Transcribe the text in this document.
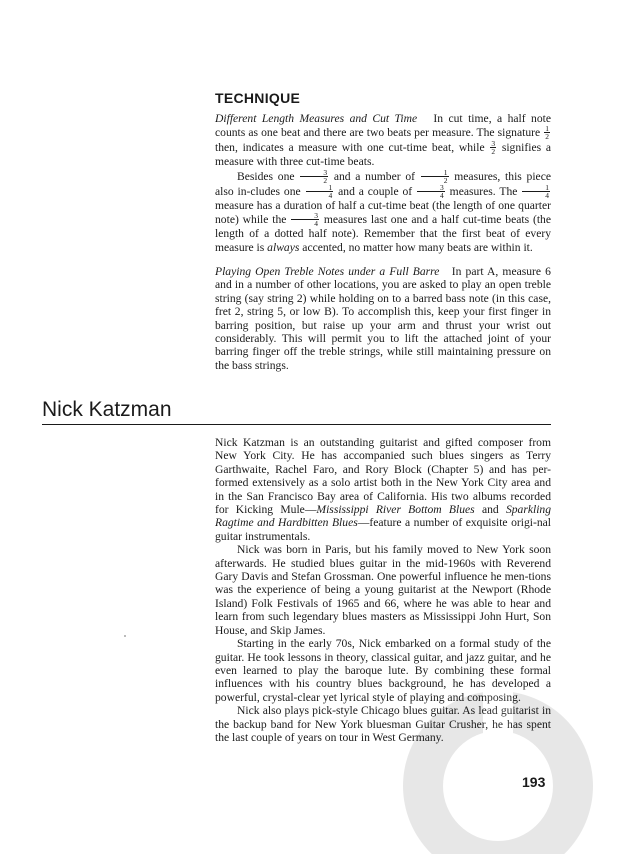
TECHNIQUE

Different Length Measures and Cut Time In cut time, a half note counts as one beat and there are two beats per measure. The signature $\frac{1}{2}$
then, indicates a measure with one cut-time beat, while $\frac{3}{2}$ signifies a measure with three cut-time beats.

Besides one $\frac{3}{2}$ and a number of $\frac{1}{2}$ measures, this piece also in-cludes one $\frac{1}{4}$ and a couple of $\frac{3}{4}$ measures. The $\frac{1}{4}$
measure has a duration of half a cut-time beat (the length of one quarter note) while the $\frac{3}{4}$ measures last one and a half cut-time beats (the length of a dotted half note). Remember that the first beat of every measure is always accented, no matter how many beats are within it.

Playing Open Treble Notes under a Full Barre In part A, measure 6 and in a number of other locations, you are asked to play an open treble string (say string 2) while holding on to a barred bass note (in this case, fret 2, string 5, or low B). To accomplish this, keep your first finger in barring position, but raise up your arm and thrust your wrist out considerably. This will permit you to lift the attached joint of your barring finger off the treble strings, while still maintaining pressure on the bass strings.

Nick Katzman

Nick Katzman is an outstanding guitarist and gifted composer from New York City. He has accompanied such blues singers as Terry Garthwaite, Rachel Faro, and Rory Block (Chapter 5) and has per-formed extensively as a solo artist both in the New York City area and in the San Francisco Bay area of California. His two albums recorded for Kicking Mule—Mississippi River Bottom Blues and Sparkling Ragtime and Hardbitten Blues—feature a number of exquisite origi-nal guitar instrumentals.

Nick was born in Paris, but his family moved to New York soon afterwards. He studied blues guitar in the mid-1960s with Reverend Gary Davis and Stefan Grossman. One powerful influence he men-tions was the experience of being a young guitarist at the Newport (Rhode Island) Folk Festivals of 1965 and 66, where he was able to hear and learn from such legendary blues masters as Mississippi John Hurt, Son House, and Skip James.

Starting in the early 70s, Nick embarked on a formal study of the guitar. He took lessons in theory, classical guitar, and jazz guitar, and he even learned to play the baroque lute. By combining these formal influences with his country blues background, he has developed a powerful, crystal-clear yet lyrical style of playing and composing.

Nick also plays pick-style Chicago blues guitar. As lead guitarist in the backup band for New York bluesman Guitar Crusher, he has spent the last couple of years on tour in West Germany.

193
